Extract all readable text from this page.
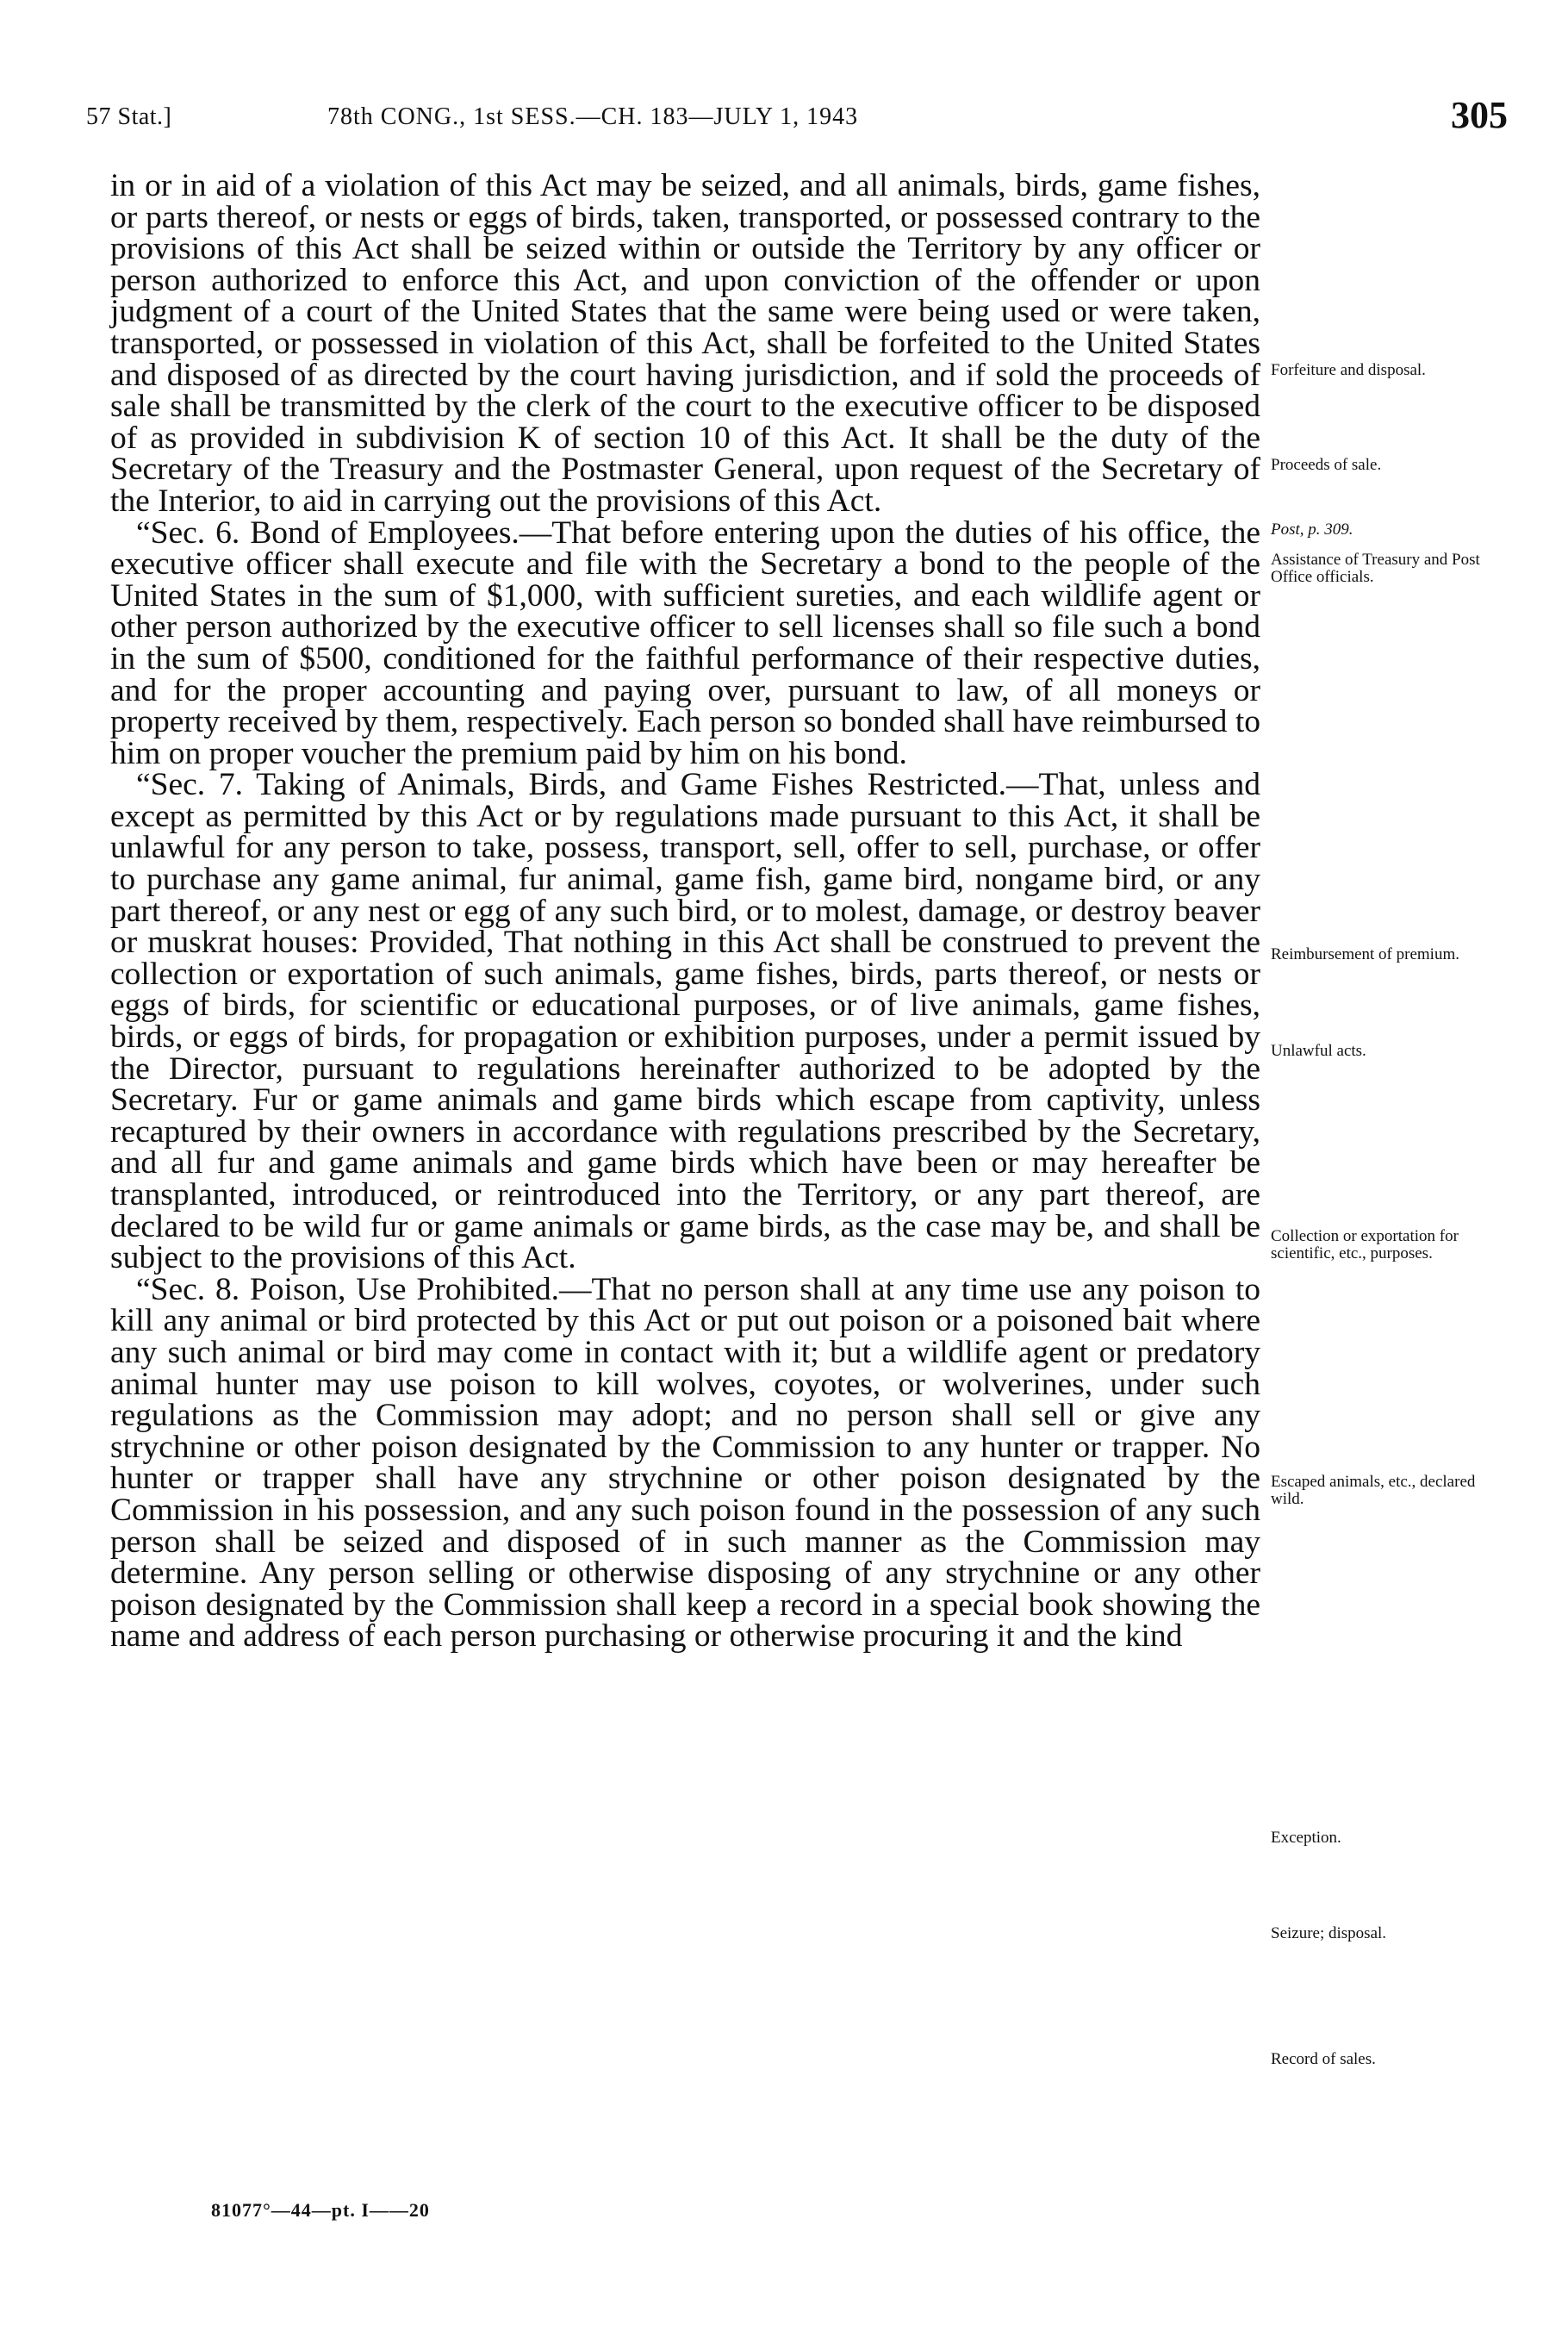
57 Stat.]	78th CONG., 1st SESS.—CH. 183—JULY 1, 1943	305

in or in aid of a violation of this Act may be seized, and all animals, birds, game fishes, or parts thereof, or nests or eggs of birds, taken, transported, or possessed contrary to the provisions of this Act shall be seized within or outside the Territory by any officer or person authorized to enforce this Act, and upon conviction of the offender or upon judgment of a court of the United States that the same were being used or were taken, transported, or possessed in violation of this Act, shall be forfeited to the United States and disposed of as directed by the court having jurisdiction, and if sold the proceeds of sale shall be transmitted by the clerk of the court to the executive officer to be disposed of as provided in subdivision K of section 10 of this Act. It shall be the duty of the Secretary of the Treasury and the Postmaster General, upon request of the Secretary of the Interior, to aid in carrying out the provisions of this Act.

“Sec. 6. Bond of Employees.—That before entering upon the duties of his office, the executive officer shall execute and file with the Secretary a bond to the people of the United States in the sum of $1,000, with sufficient sureties, and each wildlife agent or other person authorized by the executive officer to sell licenses shall so file such a bond in the sum of $500, conditioned for the faithful performance of their respective duties, and for the proper accounting and paying over, pursuant to law, of all moneys or property received by them, respectively. Each person so bonded shall have reimbursed to him on proper voucher the premium paid by him on his bond.

“Sec. 7. Taking of Animals, Birds, and Game Fishes Restricted.—That, unless and except as permitted by this Act or by regulations made pursuant to this Act, it shall be unlawful for any person to take, possess, transport, sell, offer to sell, purchase, or offer to purchase any game animal, fur animal, game fish, game bird, nongame bird, or any part thereof, or any nest or egg of any such bird, or to molest, damage, or destroy beaver or muskrat houses: Provided, That nothing in this Act shall be construed to prevent the collection or exportation of such animals, game fishes, birds, parts thereof, or nests or eggs of birds, for scientific or educational purposes, or of live animals, game fishes, birds, or eggs of birds, for propagation or exhibition purposes, under a permit issued by the Director, pursuant to regulations hereinafter authorized to be adopted by the Secretary. Fur or game animals and game birds which escape from captivity, unless recaptured by their owners in accordance with regulations prescribed by the Secretary, and all fur and game animals and game birds which have been or may hereafter be transplanted, introduced, or reintroduced into the Territory, or any part thereof, are declared to be wild fur or game animals or game birds, as the case may be, and shall be subject to the provisions of this Act.

“Sec. 8. Poison, Use Prohibited.—That no person shall at any time use any poison to kill any animal or bird protected by this Act or put out poison or a poisoned bait where any such animal or bird may come in contact with it; but a wildlife agent or predatory animal hunter may use poison to kill wolves, coyotes, or wolverines, under such regulations as the Commission may adopt; and no person shall sell or give any strychnine or other poison designated by the Commission to any hunter or trapper. No hunter or trapper shall have any strychnine or other poison designated by the Commission in his possession, and any such poison found in the possession of any such person shall be seized and disposed of in such manner as the Commission may determine. Any person selling or otherwise disposing of any strychnine or any other poison designated by the Commission shall keep a record in a special book showing the name and address of each person purchasing or otherwise procuring it and the kind

Forfeiture and disposal.
Proceeds of sale.
Post, p. 309.
Assistance of Treasury and Post Office officials.
Reimbursement of premium.
Unlawful acts.
Collection or exportation for scientific, etc., purposes.
Escaped animals, etc., declared wild.
Exception.
Seizure; disposal.
Record of sales.
81077°—44—pt. I——20
